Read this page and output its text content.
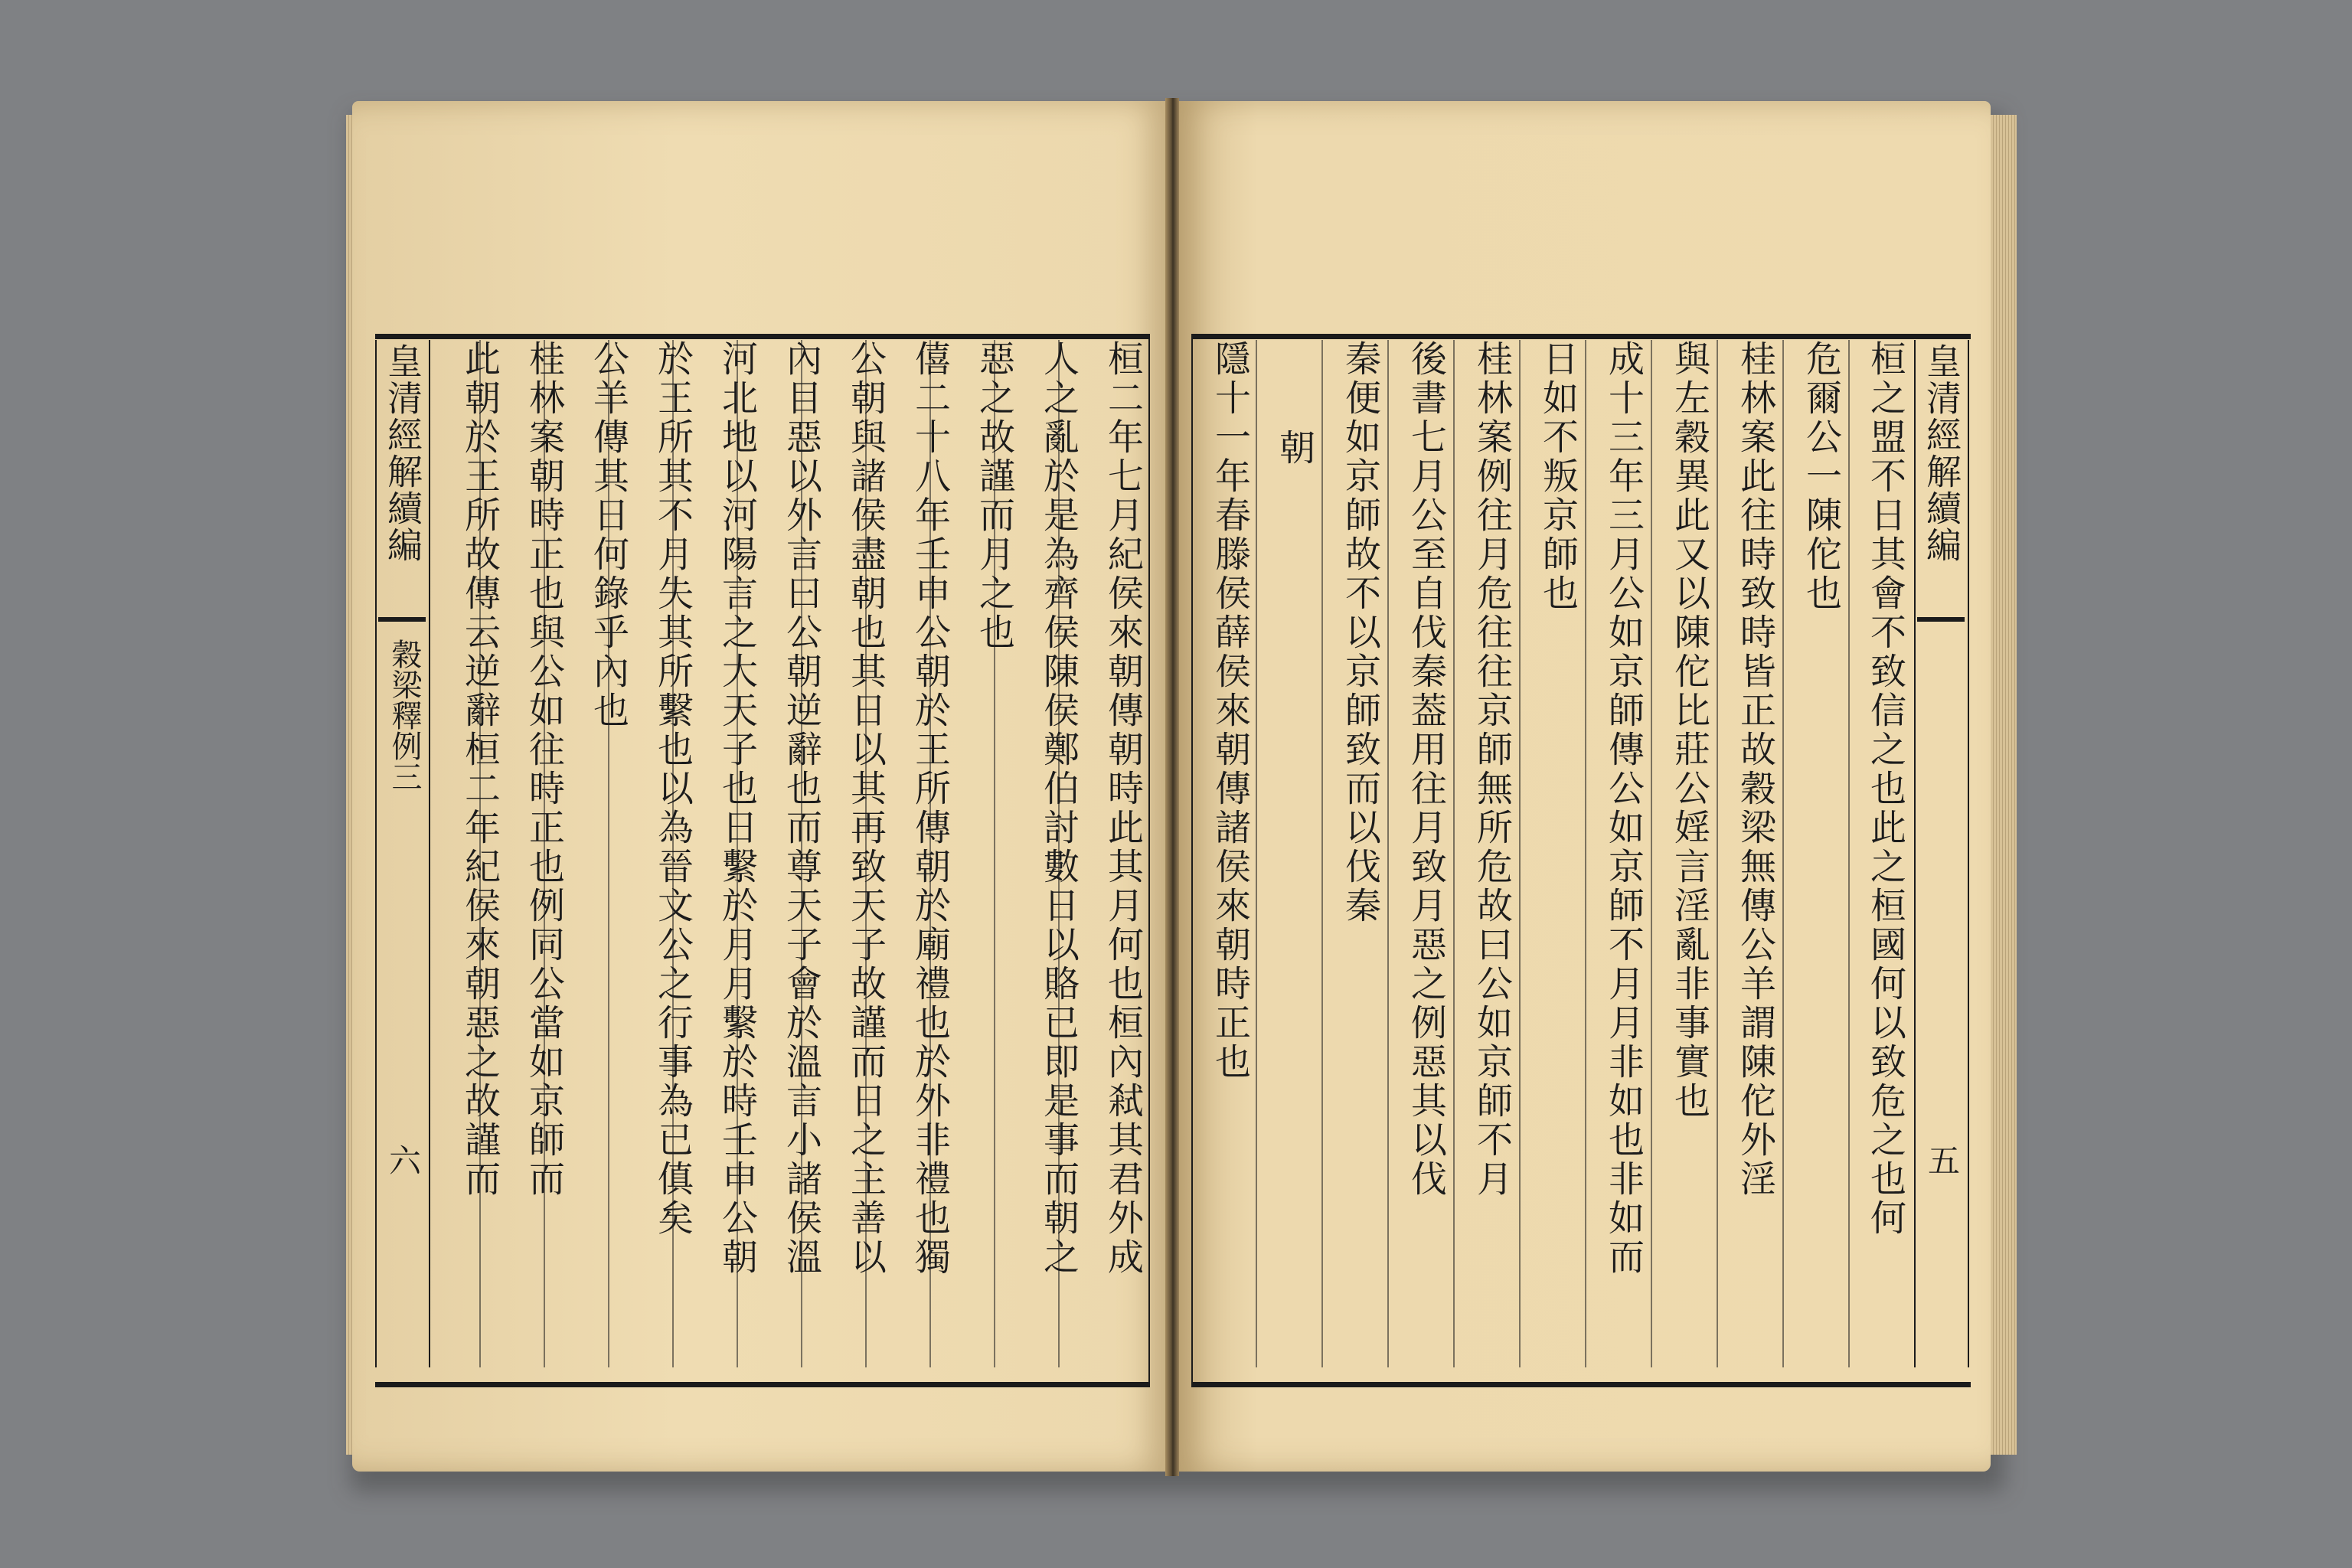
皇清經解續編
穀梁釋例三
六	桓二年七月紀侯來朝傳朝時此其月何也桓內弒其君外成
人之亂於是為齊侯陳侯鄭伯討數日以賂已即是事而朝之
惡之故謹而月之也
僖二十八年壬申公朝於王所傳朝於廟禮也於外非禮也獨
公朝與諸侯盡朝也其日以其再致天子故謹而日之主善以
內目惡以外言曰公朝逆辭也而尊天子會於溫言小諸侯溫
河北地以河陽言之大天子也日繫於月月繫於時壬申公朝
於王所其不月失其所繫也以為晉文公之行事為已傎矣
公羊傳其日何錄乎內也
桂林案朝時正也與公如往時正也例同公當如京師而
此朝於王所故傳云逆辭桓二年紀侯來朝惡之故謹而	皇清經解續編
五
桓之盟不日其會不致信之也此之桓國何以致危之也何
危爾公一陳佗也
桂林案此往時致時皆正故穀梁無傳公羊謂陳佗外淫
與左穀異此又以陳佗比莊公婬言淫亂非事實也
成十三年三月公如京師傳公如京師不月月非如也非如而
日如不叛京師也
桂林案例往月危往往京師無所危故曰公如京師不月
後書七月公至自伐秦葢用往月致月惡之例惡其以伐
秦便如京師故不以京師致而以伐秦
朝
隱十一年春滕侯薛侯來朝傳諸侯來朝時正也
